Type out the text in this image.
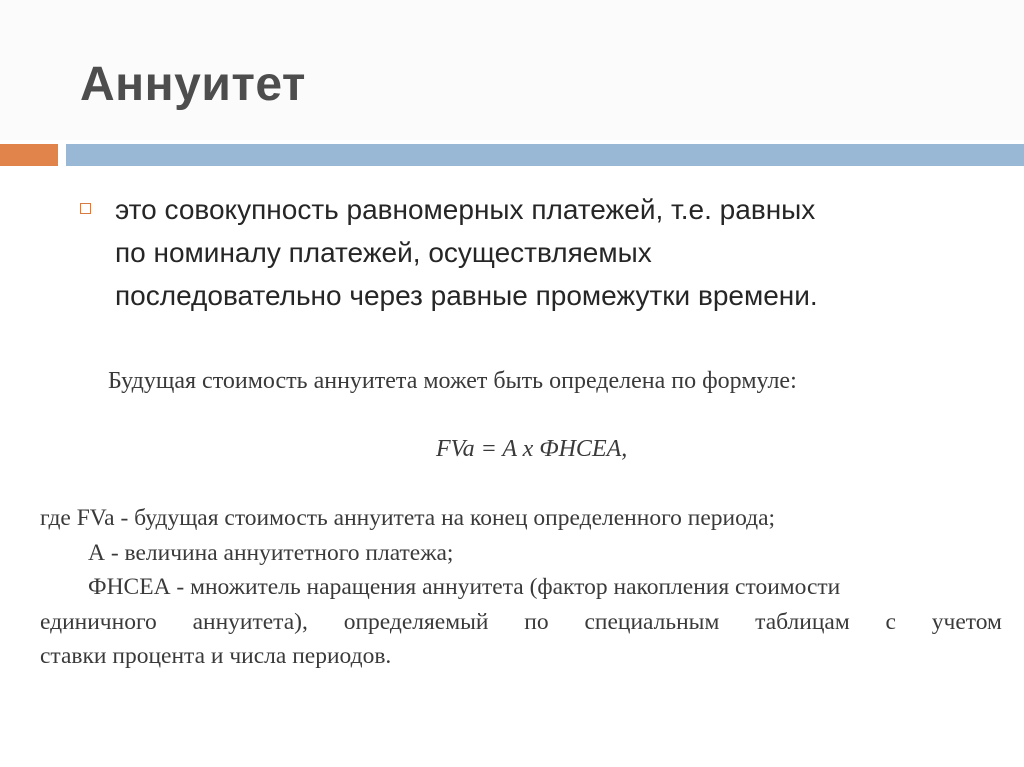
Аннуитет
это совокупность равномерных платежей, т.е. равных
по номиналу платежей, осуществляемых
последовательно через равные промежутки времени.
Будущая стоимость аннуитета может быть определена по формуле:
FVa = A x ФНСЕА,
где FVa - будущая стоимость аннуитета на конец определенного периода;
А - величина аннуитетного платежа;
ФНСЕА - множитель наращения аннуитета (фактор накопления стоимости
единичного аннуитета), определяемый по специальным таблицам с учетом
ставки процента и числа периодов.
